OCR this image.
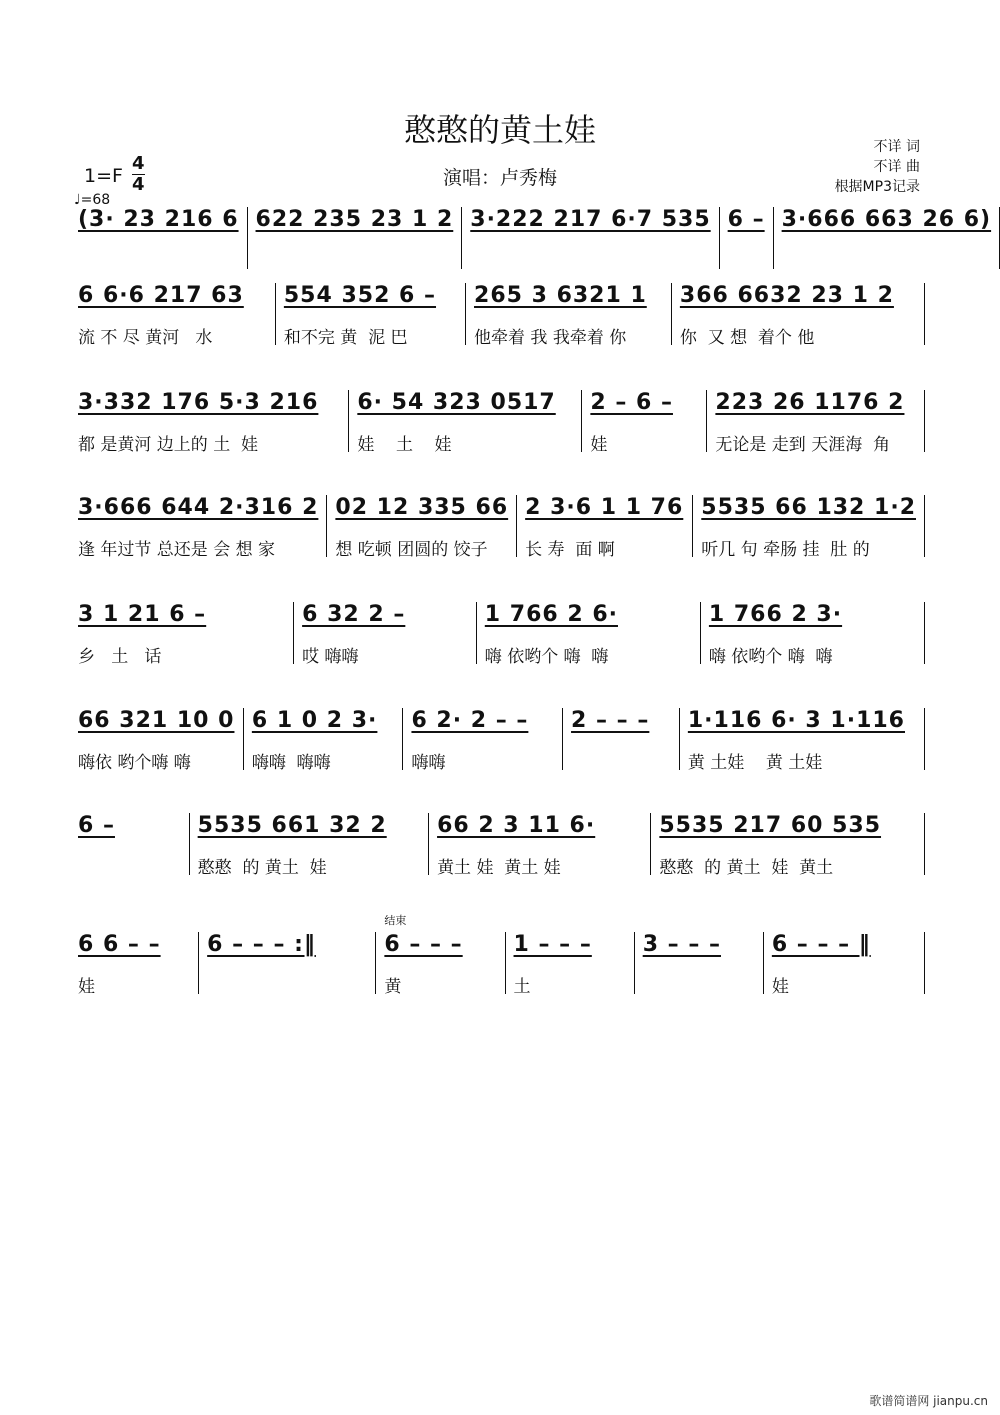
憨憨的黄土娃
演唱：卢秀梅
不详 词
不详 曲
根据MP3记录
$1=F \frac{4}{4}$
♩=68
(3· 23 216 6 622 235 23 1 2 3·222 217 6·7 535 6 – 3·666 663 26 6)
6 6·6 217 63
流 不 尽 黄河   水
554 352 6 –
和不完 黄  泥 巴
265 3 6321 1
他牵着 我 我牵着 你
366 6632 23 1 2
你  又 想  着个 他
3·332 176 5·3 216
都 是黄河 边上的 土  娃
6· 54 323 0517
娃    土    娃
2 – 6 –
娃
223 26 1176 2
无论是 走到 天涯海  角
3·666 644 2·316 2
逢 年过节 总还是 会 想 家
02 12 335 66
想 吃顿 团圆的 饺子
2 3·6 1 1 76
长 寿  面 啊
5535 66 132 1·2
听几 句 牵肠 挂  肚 的
3 1 21 6 –
乡   土   话
6 32 2 –
哎 嗨嗨
1 766 2 6·
嗨 依哟个 嗨  嗨
1 766 2 3·
嗨 依哟个 嗨  嗨
66 321 10 0
嗨依 哟个嗨 嗨
6 1 0 2 3·
嗨嗨  嗨嗨
6 2· 2 – –
嗨嗨
2 – – –	1·116 6· 3 1·116
黄 土娃    黄 土娃
6 –	5535 661 32 2
憨憨  的 黄土  娃
66 2 3 11 6·
黄土 娃  黄土 娃
5535 217 60 535
憨憨  的 黄土  娃  黄土
6 6 – –
娃
6 – – – :‖
结束
6 – – –
黄
1 – – –
土
3 – – –	6 – – – ‖
娃
歌谱简谱网 jianpu.cn
